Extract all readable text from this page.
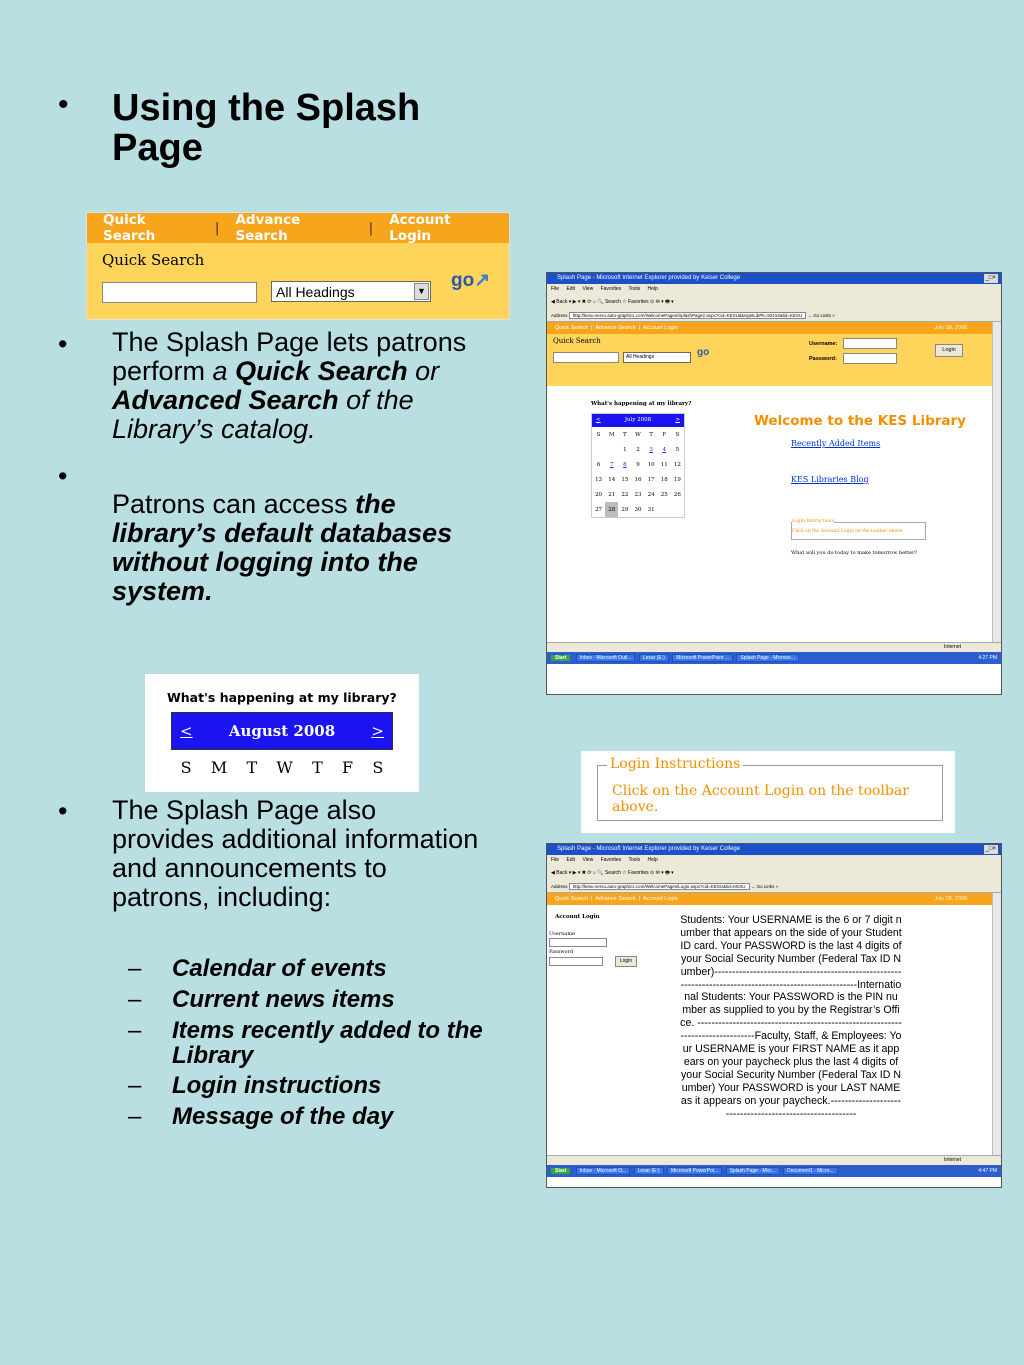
• Using the Splash Page
Quick Search	|	Advance Search	|	Account Login
Quick Search
All Headings	▼ go↗
• The Splash Page lets patrons
perform a Quick Search or
Advanced Search of the
Library’s catalog.
•
Patrons can access the
library’s default databases
without logging into the
system.
What's happening at my library?
< August 2008 >
S M T W T F S
• The Splash Page also
provides additional information
and announcements to
patrons, including:
– Calendar of events
– Current news items
– Items recently added to the Library
– Login instructions
– Message of the day
Login Instructions
Click on the Account Login on the toolbar above.
Splash Page - Microsoft Internet Explorer provided by Keiser College	_□×
File Edit View Favorites Tools Help
◀ Back ▾ ▶ ▾ ✖ ⟳ ⌂ 🔍 Search ☆ Favorites ⊙ ✉ ▾ 🖶 ▾
Address http://kesu-verso.auto-graphics.com/WelcomePages/SplashPage2.aspx?cid=KESU&targetLibPk=92216&lid=KESU → Go Links »
Quick Search  |  Advance Search  |  Account Login	July 28, 2008
Quick Search
All Headings	go
Username:
Password:
Login
What's happening at my library?
<	July 2008	>
S	M	T	W	T	F	S
		1	2	3	4	5
6	7	8	9	10	11	12
13	14	15	16	17	18	19
20	21	22	23	24	25	26
27	28	29	30	31		
Welcome to the KES Library
Recently Added Items
KES Libraries Blog
Login Instructions
Click on the Account Login on the toolbar above.
What will you do today to make tomorrow better?
Internet
Start	Inbox - Microsoft Outl... Lesar (E:) Microsoft PowerPoint ... Splash Page - Microso...	4:27 PM
Splash Page - Microsoft Internet Explorer provided by Keiser College	_□×
File Edit View Favorites Tools Help
◀ Back ▾ ▶ ▾ ✖ ⟳ ⌂ 🔍 Search ☆ Favorites ⊙ ✉ ▾ 🖶 ▾
Address http://kesu-verso.auto-graphics.com/WelcomePages/Login.aspx?cid=KESU&lid=KESU → Go Links »
Quick Search  |  Advance Search  |  Account Login	July 28, 2008
Account Login
Username
Password
Login
Students: Your USERNAME is the 6 or 7 digit number that appears on the side of your Student ID card. Your PASSWORD is the last 4 digits of your Social Security Number (Federal Tax ID Number)-------------------------------------------------------------------------------------------------------International Students: Your PASSWORD is the PIN number as supplied to you by the Registrar’s Office. -------------------------------------------------------------------------------Faculty, Staff, & Employees: Your USERNAME is your FIRST NAME as it appears on your paycheck plus the last 4 digits of your Social Security Number (Federal Tax ID Number) Your PASSWORD is your LAST NAME as it appears on your paycheck.---------------------------------------------------------
Internet
Start	Inbox - Microsoft O... Lesar (E:) Microsoft PowerPoi... Splash Page - Micr... Document1 - Micro...	4:47 PM
